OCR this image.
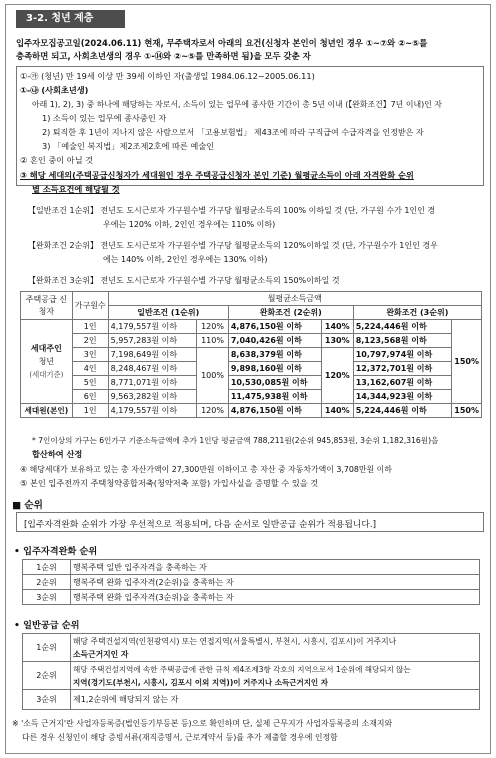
3-2. 청년 계층
입주자모집공고일(2024.06.11) 현재, 무주택자로서 아래의 요건(신청자 본인이 청년인 경우 ①~⑦와 ②~⑤를
충족하면 되고, 사회초년생의 경우 ①-⑭와 ②~⑤를 만족하면 됨)을 모두 갖춘 자
①-㉮ (청년) 만 19세 이상 만 39세 이하인 자(출생일 1984.06.12~2005.06.11)
①-㉯ (사회초년생)
아래 1), 2), 3) 중 하나에 해당하는 자로서, 소득이 있는 업무에 종사한 기간이 총 5년 이내 (【완화조건】7년 이내)인 자
1) 소득이 있는 업무에 종사중인 자
2) 퇴직한 후 1년이 지나지 않은 사람으로서 「고용보험법」 제43조에 따라 구직급여 수급자격을 인정받은 자
3) 「예술인 복지법」제2조제2호에 따른 예술인
② 혼인 중이 아닐 것
③ 해당 세대의(주택공급신청자가 세대원인 경우 주택공급신청자 본인 기준) 월평균소득이 아래 자격완화 순위
별 소득요건에 해당될 것
【일반조건 1순위】 전년도 도시근로자 가구원수별 가구당 월평균소득의 100% 이하일 것 (단, 가구원 수가 1인인 경
우에는 120% 이하, 2인인 경우에는 110% 이하)
【완화조건 2순위】 전년도 도시근로자 가구원수별 가구당 월평균소득의 120%이하일 것 (단, 가구원수가 1인인 경우
에는 140% 이하, 2인인 경우에는 130% 이하)
【완화조건 3순위】 전년도 도시근로자 가구원수별 가구당 월평균소득의 150%이하일 것
주택공급 신청자	가구원수	월평균소득금액					
		일반조건 (1순위)		완화조건 (2순위)		완화조건 (3순위)	
세대주인
청년
(세대기준)	1인	4,179,557원 이하	120%	4,876,150원 이하	140%	5,224,446원 이하	150%
	2인	5,957,283원 이하	110%	7,040,426원 이하	130%	8,123,568원 이하	
	3인	7,198,649원 이하	100%	8,638,379원 이하	120%	10,797,974원 이하	
	4인	8,248,467원 이하		9,898,160원 이하		12,372,701원 이하	
	5인	8,771,071원 이하		10,530,085원 이하		13,162,607원 이하	
	6인	9,563,282원 이하		11,475,938원 이하		14,344,923원 이하	
세대원(본인)	1인	4,179,557원 이하	120%	4,876,150원 이하	140%	5,224,446원 이하	150%
* 7인이상의 가구는 6인가구 기준소득금액에 추가 1인당 평균금액 788,211원(2순위 945,853원, 3순위 1,182,316원)을
합산하여 산정
④ 해당세대가 보유하고 있는 총 자산가액이 27,300만원 이하이고 총 자산 중 자동차가액이 3,708만원 이하
⑤ 본인 입주전까지 주택청약종합저축(청약저축 포함) 가입사실을 증명할 수 있을 것
■ 순위
[입주자격완화 순위가 가장 우선적으로 적용되며, 다음 순서로 일반공급 순위가 적용됩니다.]
• 입주자격완화 순위
1순위	행복주택 일반 입주자격을 충족하는 자
2순위	행복주택 완화 입주자격(2순위)을 충족하는 자
3순위	행복주택 완화 입주자격(3순위)을 충족하는 자
• 일반공급 순위
1순위	해당 주택건설지역(인천광역시) 또는 연접지역(서울특별시, 부천시, 시흥시, 김포시)이 거주지나
소득근거지인 자

2순위	해당 주택건설지역에 속한 주택공급에 관한 규칙 제4조제3항 각호의 지역으로서 1순위에 해당되지 않는
지역(경기도(부천시, 시흥시, 김포시 이외 지역))이 거주지나 소득근거지인 자

3순위	제1,2순위에 해당되지 않는 자
※ '소득 근거지'란 사업자등록증(법인등기부등본 등)으로 확인하며 단, 실제 근무지가 사업자등록증의 소재지와
다른 경우 신청인이 해당 증빙서류(재직증명서, 근로계약서 등)를 추가 제출할 경우에 인정함
